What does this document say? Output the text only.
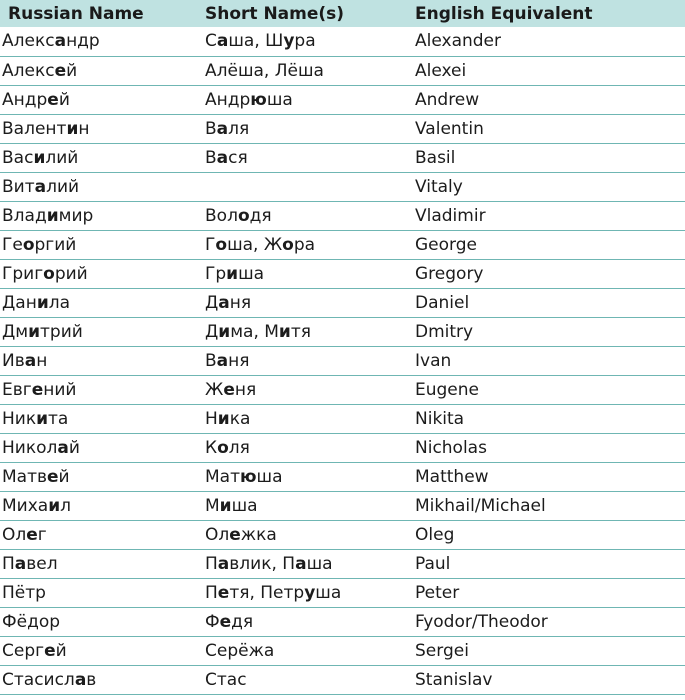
Russian Name	Short Name(s)	English Equivalent
Александр	Саша, Шура	Alexander
Алексей	Алёша, Лёша	Alexei
Андрей	Андрюша	Andrew
Валентин	Валя	Valentin
Василий	Вася	Basil
Виталий		Vitaly
Владимир	Володя	Vladimir
Георгий	Гоша, Жора	George
Григорий	Гриша	Gregory
Данила	Даня	Daniel
Дмитрий	Дима, Митя	Dmitry
Иван	Ваня	Ivan
Евгений	Женя	Eugene
Никита	Ника	Nikita
Николай	Коля	Nicholas
Матвей	Матюша	Matthew
Михаил	Миша	Mikhail/Michael
Олег	Олежка	Oleg
Павел	Павлик, Паша	Paul
Пётр	Петя, Петруша	Peter
Фёдор	Федя	Fyodor/Theodor
Сергей	Серёжа	Sergei
Стасислав	Стас	Stanislav
